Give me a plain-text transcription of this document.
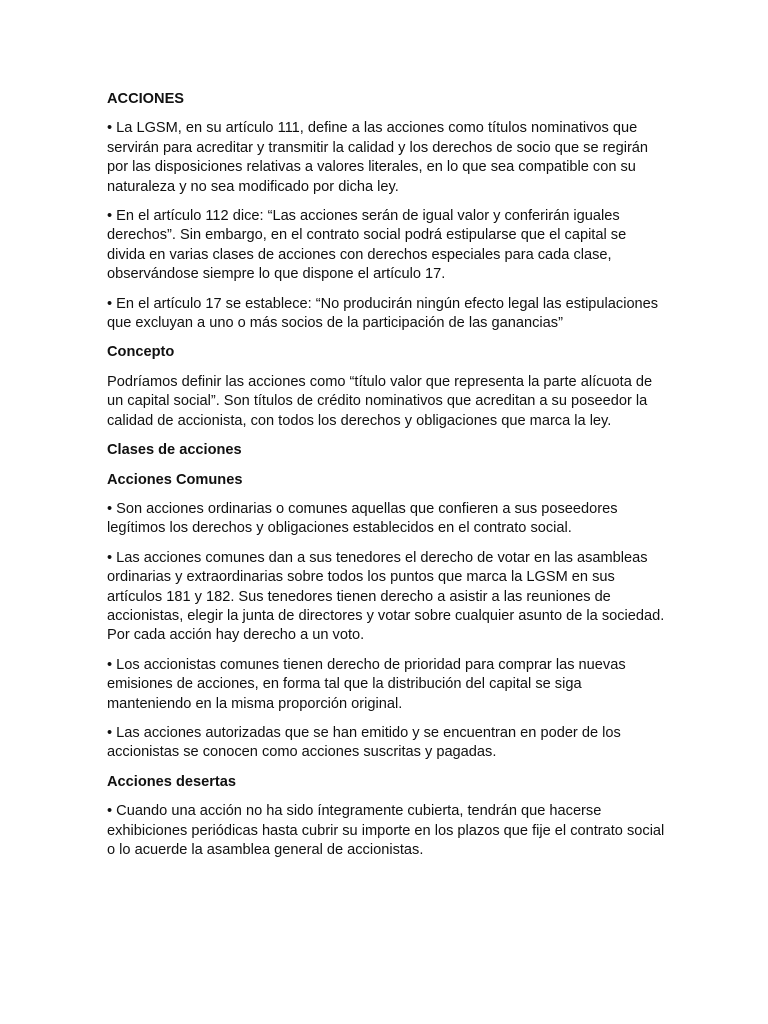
ACCIONES
• La LGSM, en su artículo 111, define a las acciones como títulos nominativos que servirán para acreditar y transmitir la calidad y los derechos de socio que se regirán por las disposiciones relativas a valores literales, en lo que sea compatible con su naturaleza y no sea modificado por dicha ley.
• En el artículo 112 dice: “Las acciones serán de igual valor y conferirán iguales derechos”. Sin embargo, en el contrato social podrá estipularse que el capital se divida en varias clases de acciones con derechos especiales para cada clase, observándose siempre lo que dispone el artículo 17.
• En el artículo 17 se establece: “No producirán ningún efecto legal las estipulaciones que excluyan a uno o más socios de la participación de las ganancias”
Concepto
Podríamos definir las acciones como “título valor que representa la parte alícuota de un capital social”. Son títulos de crédito nominativos que acreditan a su poseedor la calidad de accionista, con todos los derechos y obligaciones que marca la ley.
Clases de acciones
Acciones Comunes
• Son acciones ordinarias o comunes aquellas que confieren a sus poseedores legítimos los derechos y obligaciones establecidos en el contrato social.
• Las acciones comunes dan a sus tenedores el derecho de votar en las asambleas ordinarias y extraordinarias sobre todos los puntos que marca la LGSM en sus artículos 181 y 182. Sus tenedores tienen derecho a asistir a las reuniones de accionistas, elegir la junta de directores y votar sobre cualquier asunto de la sociedad. Por cada acción hay derecho a un voto.
• Los accionistas comunes tienen derecho de prioridad para comprar las nuevas emisiones de acciones, en forma tal que la distribución del capital se siga manteniendo en la misma proporción original.
• Las acciones autorizadas que se han emitido y se encuentran en poder de los accionistas se conocen como acciones suscritas y pagadas.
Acciones desertas
• Cuando una acción no ha sido íntegramente cubierta, tendrán que hacerse exhibiciones periódicas hasta cubrir su importe en los plazos que fije el contrato social o lo acuerde la asamblea general de accionistas.
